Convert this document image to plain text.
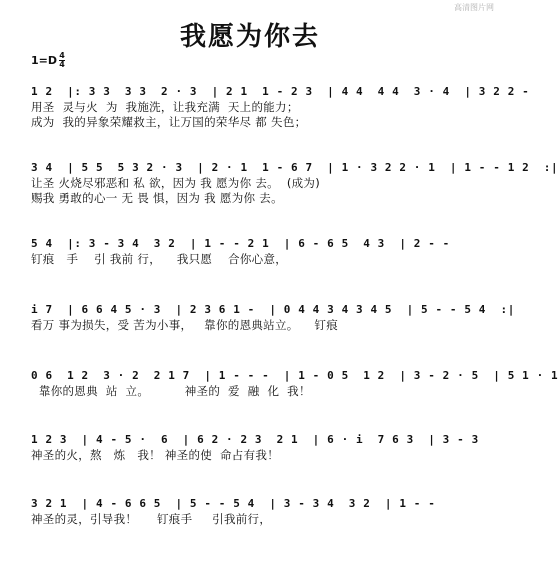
高清图片网
我愿为你去
1=D 4
4
1 2  |: 3 3  3 3  2 · 3  | 2 1  1 - 2 3  | 4 4  4 4  3 · 4  | 3 2 2 -
用圣  灵与火  为  我施洗，让我充满  天上的能力；
成为  我的异象荣耀救主，让万国的荣华尽 都 失色；
3 4  | 5 5  5 3 2 · 3  | 2 · 1  1 - 6 7  | 1 · 3 2 2 · 1  | 1 - - 1 2  :|
让圣 火烧尽邪恶和 私 欲，因为 我 愿为你 去。  (成为)
赐我 勇敢的心一 无 畏 惧，因为 我 愿为你 去。
5 4  |: 3 - 3 4  3 2  | 1 - - 2 1  | 6 - 6 5  4 3  | 2 - -
钉痕   手    引 我前 行，    我只愿    合你心意，
i 7  | 6 6 4 5 · 3  | 2 3 6 1 -  | 0 4 4 3 4 3 4 5  | 5 - - 5 4  :|
看万 事为损失，受 苦为小事，   靠你的恩典站立。    钉痕
0 6  1 2  3 · 2  2 1 7  | 1 - - -  | 1 - 0 5  1 2  | 3 - 2 · 5  | 5 1 · 1
靠你的恩典  站  立。         神圣的  爱  融  化  我！
1 2 3  | 4 - 5 ·  6  | 6 2 · 2 3  2 1  | 6 · i  7 6 3  | 3 - 3
神圣的火，熬   炼   我！ 神圣的使  命占有我！
3 2 1  | 4 - 6 6 5  | 5 - - 5 4  | 3 - 3 4  3 2  | 1 - -
神圣的灵，引导我！     钉痕手     引我前行，
